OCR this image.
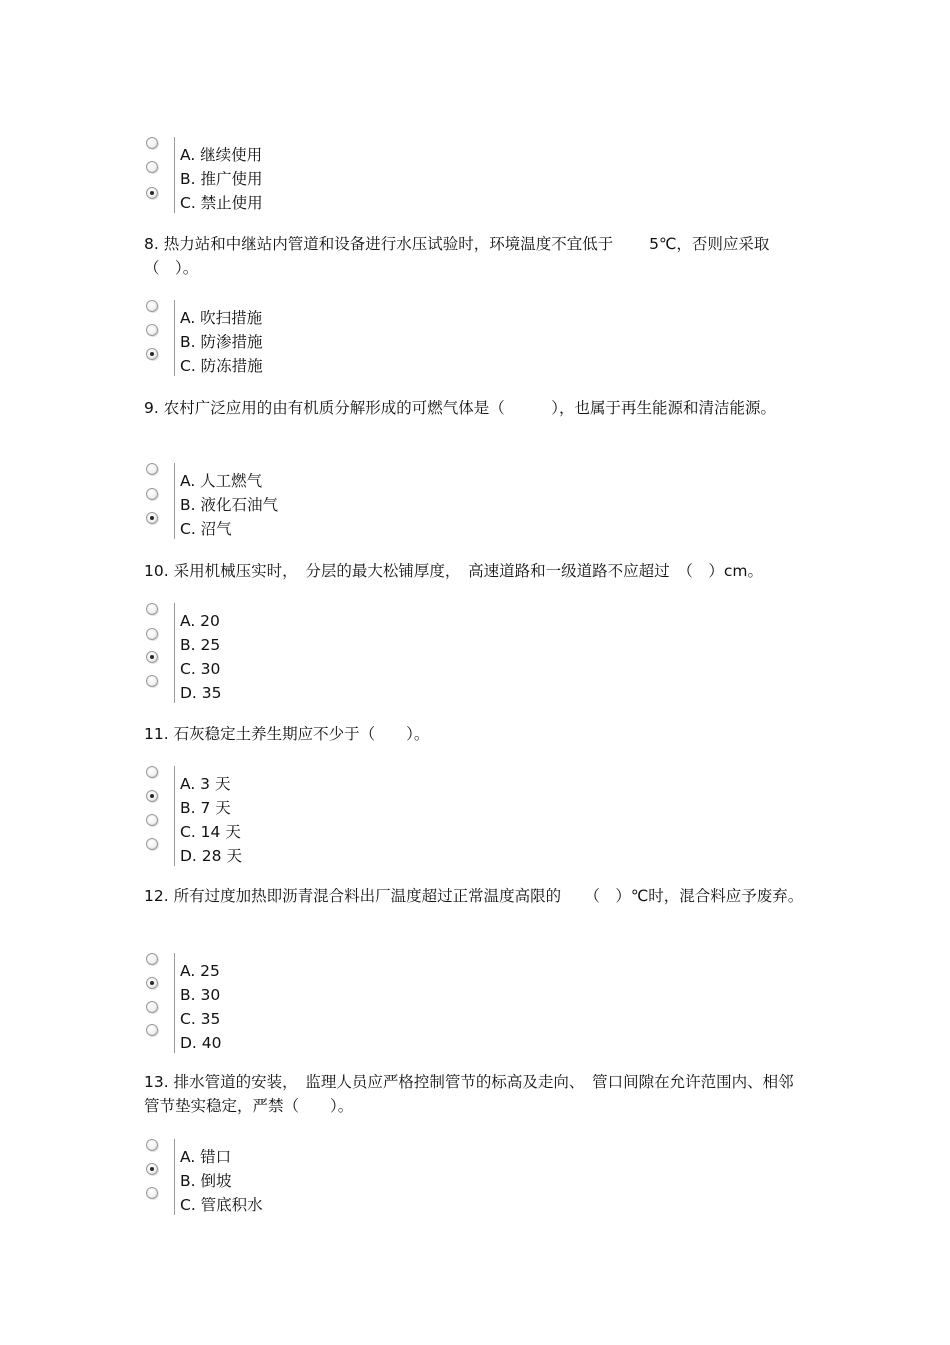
A. 继续使用
B. 推广使用
C. 禁止使用

8. 热力站和中继站内管道和设备进行水压试验时，环境温度不宜低于　　 5℃，否则应采取（　）。

A. 吹扫措施
B. 防渗措施
C. 防冻措施

9. 农村广泛应用的由有机质分解形成的可燃气体是（　　　），也属于再生能源和清洁能源。

A. 人工燃气
B. 液化石油气
C. 沼气

10. 采用机械压实时，　分层的最大松铺厚度，　高速道路和一级道路不应超过　（　）cm。

A. 20
B. 25
C. 30
D. 35

11. 石灰稳定土养生期应不少于（　　）。

A. 3 天
B. 7 天
C. 14 天
D. 28 天

12. 所有过度加热即沥青混合料出厂温度超过正常温度高限的　　（　）℃时，混合料应予废弃。

A. 25
B. 30
C. 35
D. 40

13. 排水管道的安装，　监理人员应严格控制管节的标高及走向、　管口间隙在允许范围内、相邻管节垫实稳定，严禁（　　）。

A. 错口
B. 倒坡
C. 管底积水
